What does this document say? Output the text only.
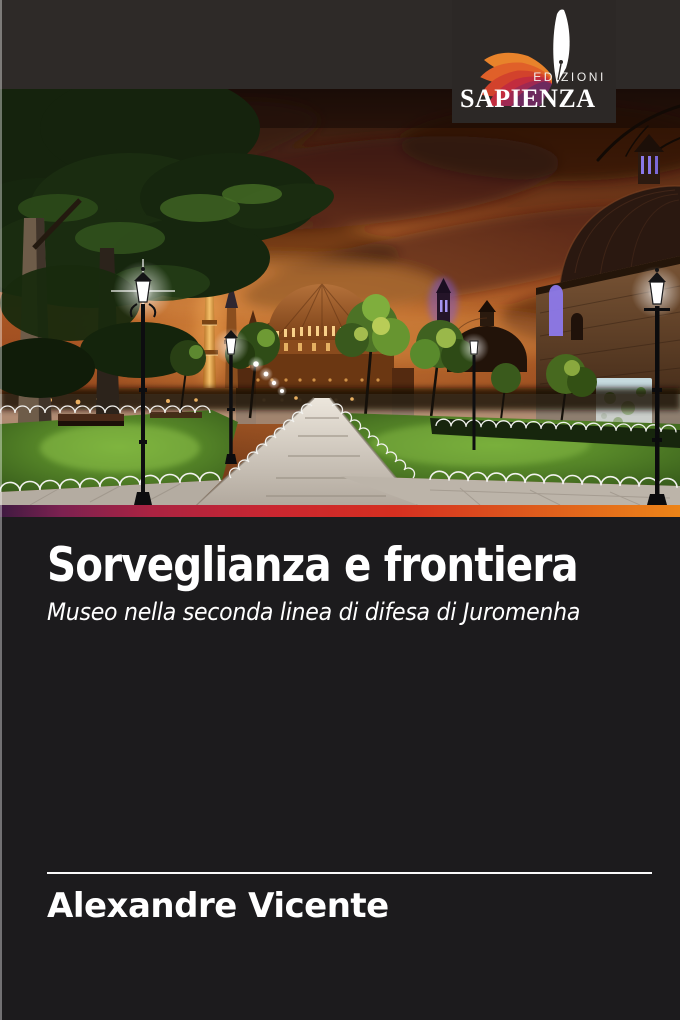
EDIZIONI
SAPIENZA
Sorveglianza e frontiera
Museo nella seconda linea di difesa di Juromenha
Alexandre Vicente
